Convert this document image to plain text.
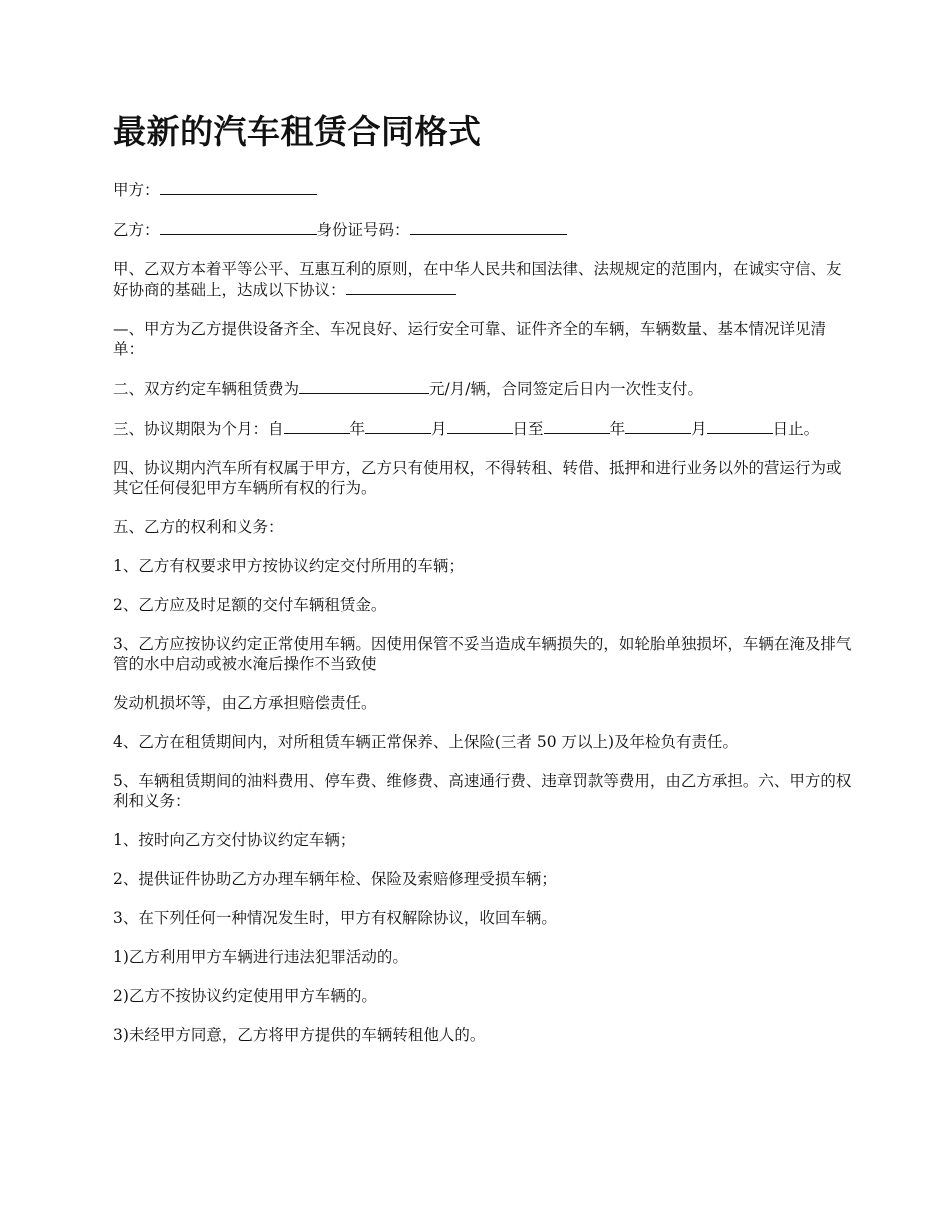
最新的汽车租赁合同格式

甲方：

乙方：	身份证号码：

甲、乙双方本着平等公平、互惠互利的原则，在中华人民共和国法律、法规规定的范围内，在诚实守信、友好协商的基础上，达成以下协议：

—、甲方为乙方提供设备齐全、车况良好、运行安全可靠、证件齐全的车辆，车辆数量、基本情况详见清单：

二、双方约定车辆租赁费为	元/月/辆，合同签定后日内一次性支付。

三、协议期限为个月：自	年	月	日至	年	月	日止。

四、协议期内汽车所有权属于甲方，乙方只有使用权，不得转租、转借、抵押和进行业务以外的营运行为或其它任何侵犯甲方车辆所有权的行为。

五、乙方的权利和义务：

1、乙方有权要求甲方按协议约定交付所用的车辆；

2、乙方应及时足额的交付车辆租赁金。

3、乙方应按协议约定正常使用车辆。因使用保管不妥当造成车辆损失的，如轮胎单独损坏，车辆在淹及排气管的水中启动或被水淹后操作不当致使

发动机损坏等，由乙方承担赔偿责任。

4、乙方在租赁期间内，对所租赁车辆正常保养、上保险(三者 50 万以上)及年检负有责任。

5、车辆租赁期间的油料费用、停车费、维修费、高速通行费、违章罚款等费用，由乙方承担。六、甲方的权利和义务：

1、按时向乙方交付协议约定车辆；

2、提供证件协助乙方办理车辆年检、保险及索赔修理受损车辆；

3、在下列任何一种情况发生时，甲方有权解除协议，收回车辆。

1)乙方利用甲方车辆进行违法犯罪活动的。

2)乙方不按协议约定使用甲方车辆的。

3)未经甲方同意，乙方将甲方提供的车辆转租他人的。
